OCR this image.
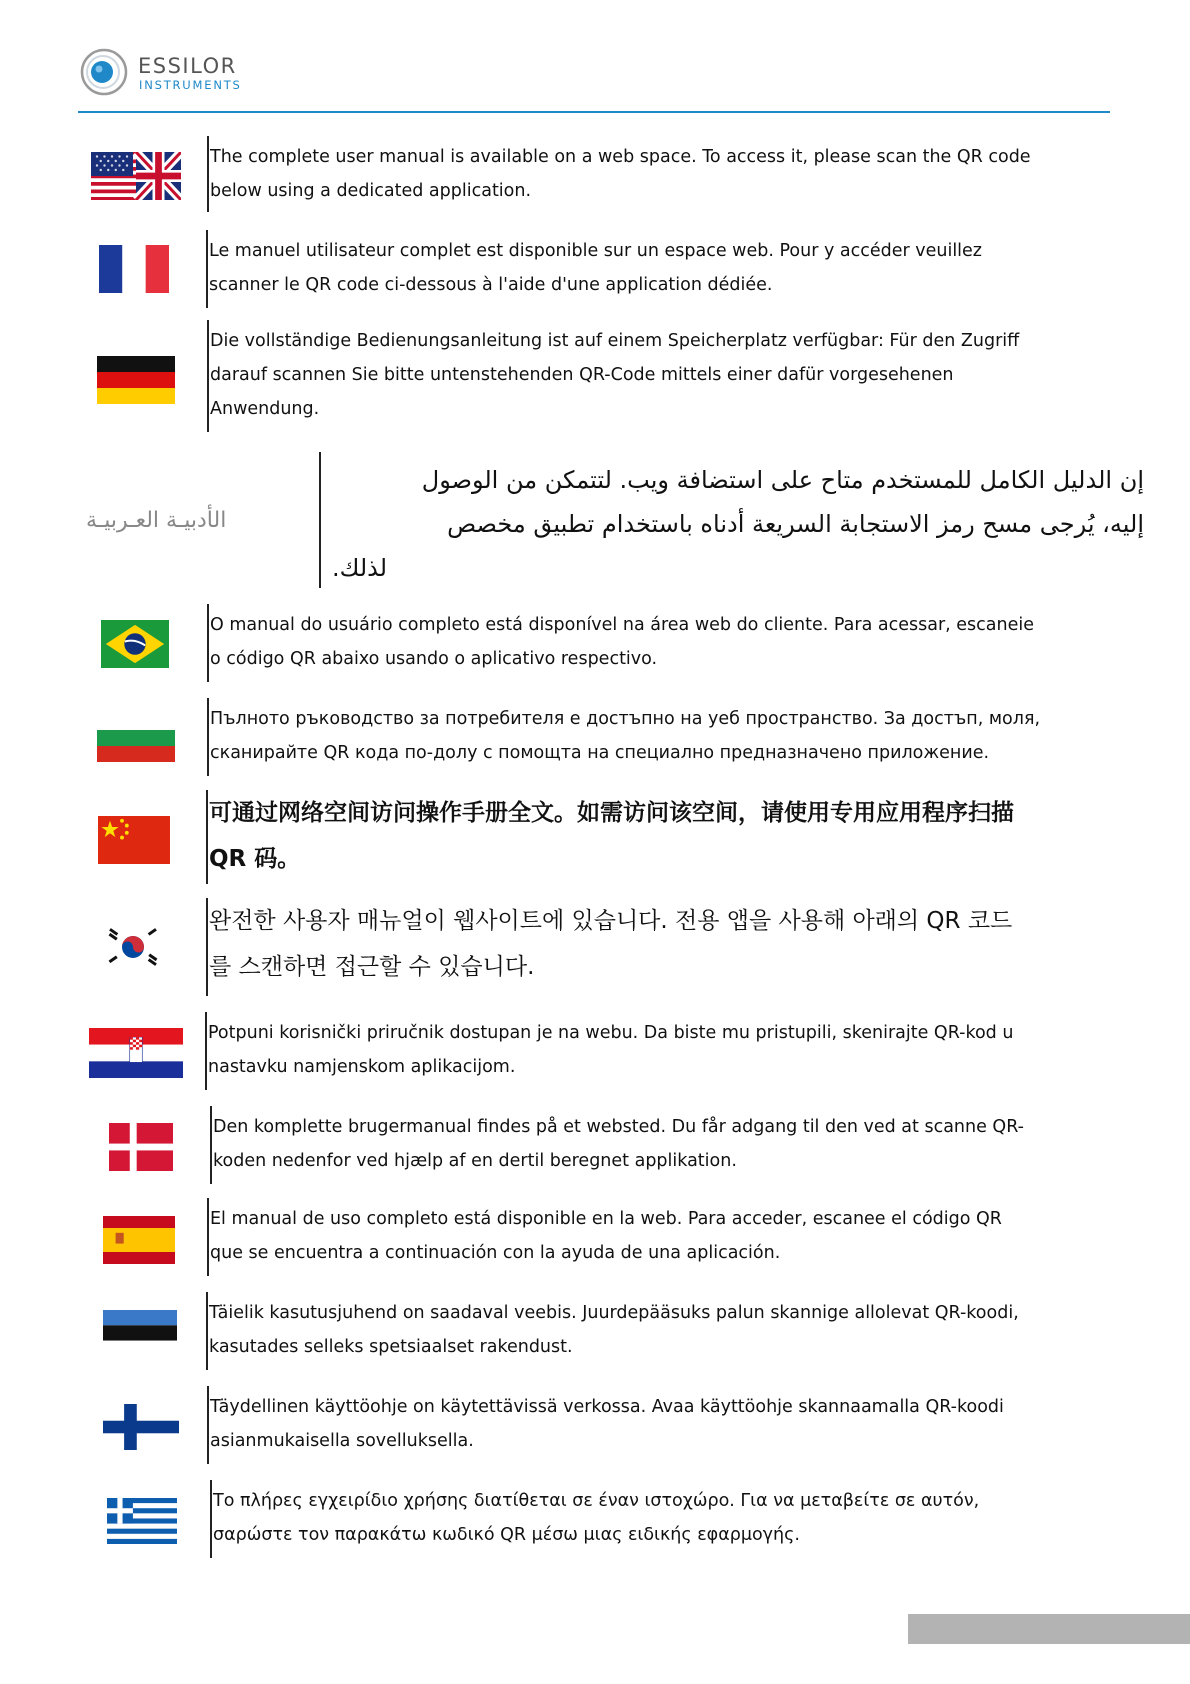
ESSILOR
INSTRUMENTS

The complete user manual is available on a web space. To access it, please scan the QR code
below using a dedicated application.

Le manuel utilisateur complet est disponible sur un espace web. Pour y accéder veuillez
scanner le QR code ci-dessous à l'aide d'une application dédiée.

Die vollständige Bedienungsanleitung ist auf einem Speicherplatz verfügbar: Für den Zugriff
darauf scannen Sie bitte untenstehenden QR-Code mittels einer dafür vorgesehenen
Anwendung.

الأدبيـة العـربيـة

إن الدليل الكامل للمستخدم متاح على استضافة ويب. لتتمكن من الوصول
إليه، يُرجى مسح رمز الاستجابة السريعة أدناه باستخدام تطبيق مخصص
لذلك.

O manual do usuário completo está disponível na área web do cliente. Para acessar, escaneie
o código QR abaixo usando o aplicativo respectivo.

Пълното ръководство за потребителя е достъпно на уеб пространство. За достъп, моля,
сканирайте QR кода по-долу с помощта на специално предназначено приложение.

可通过网络空间访问操作手册全文。如需访问该空间，请使用专用应用程序扫描
QR 码。

완전한 사용자 매뉴얼이 웹사이트에 있습니다. 전용 앱을 사용해 아래의 QR 코드
를 스캔하면 접근할 수 있습니다.

Potpuni korisnički priručnik dostupan je na webu. Da biste mu pristupili, skenirajte QR-kod u
nastavku namjenskom aplikacijom.

Den komplette brugermanual findes på et websted. Du får adgang til den ved at scanne QR-
koden nedenfor ved hjælp af en dertil beregnet applikation.

El manual de uso completo está disponible en la web. Para acceder, escanee el código QR
que se encuentra a continuación con la ayuda de una aplicación.

Täielik kasutusjuhend on saadaval veebis. Juurdepääsuks palun skannige allolevat QR-koodi,
kasutades selleks spetsiaalset rakendust.

Täydellinen käyttöohje on käytettävissä verkossa. Avaa käyttöohje skannaamalla QR-koodi
asianmukaisella sovelluksella.

Το πλήρες εγχειρίδιο χρήσης διατίθεται σε έναν ιστοχώρο. Για να μεταβείτε σε αυτόν,
σαρώστε τον παρακάτω κωδικό QR μέσω μιας ειδικής εφαρμογής.
